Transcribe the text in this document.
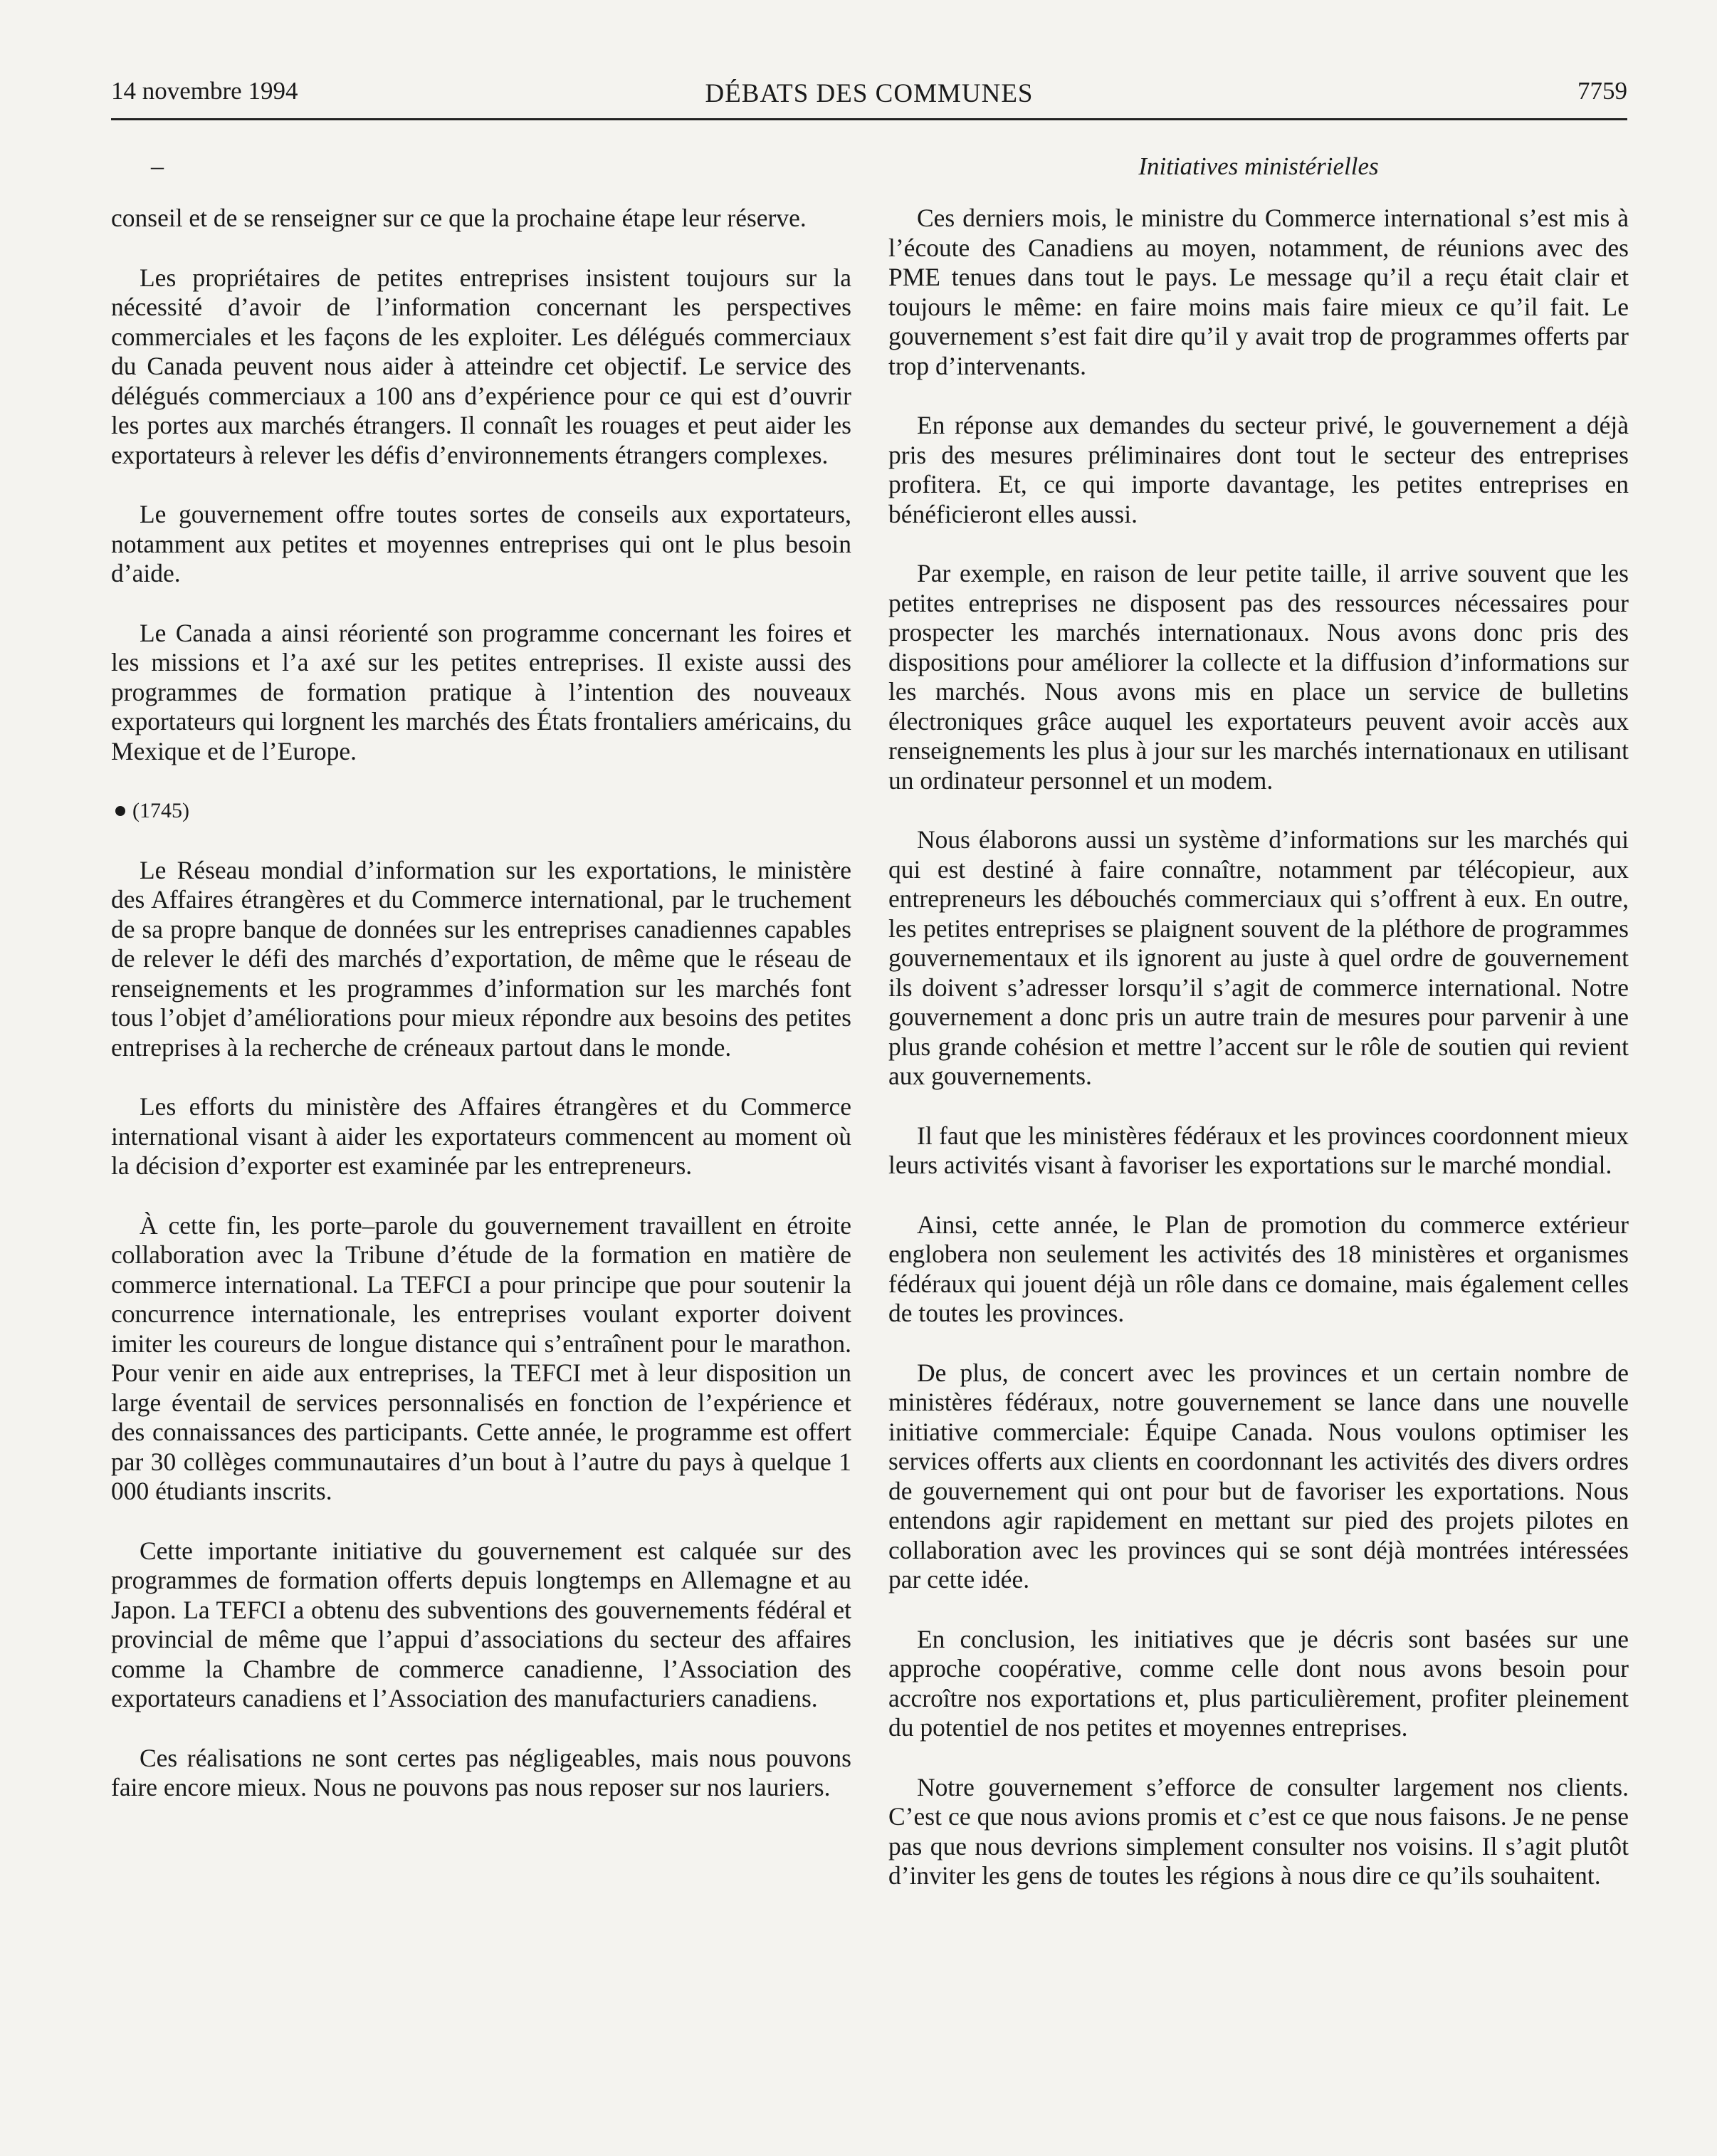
14 novembre 1994	DÉBATS DES COMMUNES	7759
–	Initiatives ministérielles

conseil et de se renseigner sur ce que la prochaine étape leur réserve.

Les propriétaires de petites entreprises insistent toujours sur la nécessité d’avoir de l’information concernant les perspectives commerciales et les façons de les exploiter. Les délégués commerciaux du Canada peuvent nous aider à atteindre cet objectif. Le service des délégués commerciaux a 100 ans d’expérience pour ce qui est d’ouvrir les portes aux marchés étrangers. Il connaît les rouages et peut aider les exportateurs à relever les défis d’environnements étrangers complexes.

Le gouvernement offre toutes sortes de conseils aux exportateurs, notamment aux petites et moyennes entreprises qui ont le plus besoin d’aide.

Le Canada a ainsi réorienté son programme concernant les foires et les missions et l’a axé sur les petites entreprises. Il existe aussi des programmes de formation pratique à l’intention des nouveaux exportateurs qui lorgnent les marchés des États frontaliers américains, du Mexique et de l’Europe.

(1745)

Le Réseau mondial d’information sur les exportations, le ministère des Affaires étrangères et du Commerce international, par le truchement de sa propre banque de données sur les entreprises canadiennes capables de relever le défi des marchés d’exportation, de même que le réseau de renseignements et les programmes d’information sur les marchés font tous l’objet d’améliorations pour mieux répondre aux besoins des petites entreprises à la recherche de créneaux partout dans le monde.

Les efforts du ministère des Affaires étrangères et du Commerce international visant à aider les exportateurs commencent au moment où la décision d’exporter est examinée par les entrepreneurs.

À cette fin, les porte–parole du gouvernement travaillent en étroite collaboration avec la Tribune d’étude de la formation en matière de commerce international. La TEFCI a pour principe que pour soutenir la concurrence internationale, les entreprises voulant exporter doivent imiter les coureurs de longue distance qui s’entraînent pour le marathon. Pour venir en aide aux entreprises, la TEFCI met à leur disposition un large éventail de services personnalisés en fonction de l’expérience et des connaissances des participants. Cette année, le programme est offert par 30 collèges communautaires d’un bout à l’autre du pays à quelque 1 000 étudiants inscrits.

Cette importante initiative du gouvernement est calquée sur des programmes de formation offerts depuis longtemps en Allemagne et au Japon. La TEFCI a obtenu des subventions des gouvernements fédéral et provincial de même que l’appui d’associations du secteur des affaires comme la Chambre de commerce canadienne, l’Association des exportateurs canadiens et l’Association des manufacturiers canadiens.

Ces réalisations ne sont certes pas négligeables, mais nous pouvons faire encore mieux. Nous ne pouvons pas nous reposer sur nos lauriers.

Ces derniers mois, le ministre du Commerce international s’est mis à l’écoute des Canadiens au moyen, notamment, de réunions avec des PME tenues dans tout le pays. Le message qu’il a reçu était clair et toujours le même: en faire moins mais faire mieux ce qu’il fait. Le gouvernement s’est fait dire qu’il y avait trop de programmes offerts par trop d’intervenants.

En réponse aux demandes du secteur privé, le gouvernement a déjà pris des mesures préliminaires dont tout le secteur des entreprises profitera. Et, ce qui importe davantage, les petites entreprises en bénéficieront elles aussi.

Par exemple, en raison de leur petite taille, il arrive souvent que les petites entreprises ne disposent pas des ressources nécessaires pour prospecter les marchés internationaux. Nous avons donc pris des dispositions pour améliorer la collecte et la diffusion d’informations sur les marchés. Nous avons mis en place un service de bulletins électroniques grâce auquel les exportateurs peuvent avoir accès aux renseignements les plus à jour sur les marchés internationaux en utilisant un ordinateur personnel et un modem.

Nous élaborons aussi un système d’informations sur les marchés qui qui est destiné à faire connaître, notamment par télécopieur, aux entrepreneurs les débouchés commerciaux qui s’offrent à eux. En outre, les petites entreprises se plaignent souvent de la pléthore de programmes gouvernementaux et ils ignorent au juste à quel ordre de gouvernement ils doivent s’adresser lorsqu’il s’agit de commerce international. Notre gouvernement a donc pris un autre train de mesures pour parvenir à une plus grande cohésion et mettre l’accent sur le rôle de soutien qui revient aux gouvernements.

Il faut que les ministères fédéraux et les provinces coordonnent mieux leurs activités visant à favoriser les exportations sur le marché mondial.

Ainsi, cette année, le Plan de promotion du commerce extérieur englobera non seulement les activités des 18 ministères et organismes fédéraux qui jouent déjà un rôle dans ce domaine, mais également celles de toutes les provinces.

De plus, de concert avec les provinces et un certain nombre de ministères fédéraux, notre gouvernement se lance dans une nouvelle initiative commerciale: Équipe Canada. Nous voulons optimiser les services offerts aux clients en coordonnant les activités des divers ordres de gouvernement qui ont pour but de favoriser les exportations. Nous entendons agir rapidement en mettant sur pied des projets pilotes en collaboration avec les provinces qui se sont déjà montrées intéressées par cette idée.

En conclusion, les initiatives que je décris sont basées sur une approche coopérative, comme celle dont nous avons besoin pour accroître nos exportations et, plus particulièrement, profiter pleinement du potentiel de nos petites et moyennes entreprises.

Notre gouvernement s’efforce de consulter largement nos clients. C’est ce que nous avions promis et c’est ce que nous faisons. Je ne pense pas que nous devrions simplement consulter nos voisins. Il s’agit plutôt d’inviter les gens de toutes les régions à nous dire ce qu’ils souhaitent.
